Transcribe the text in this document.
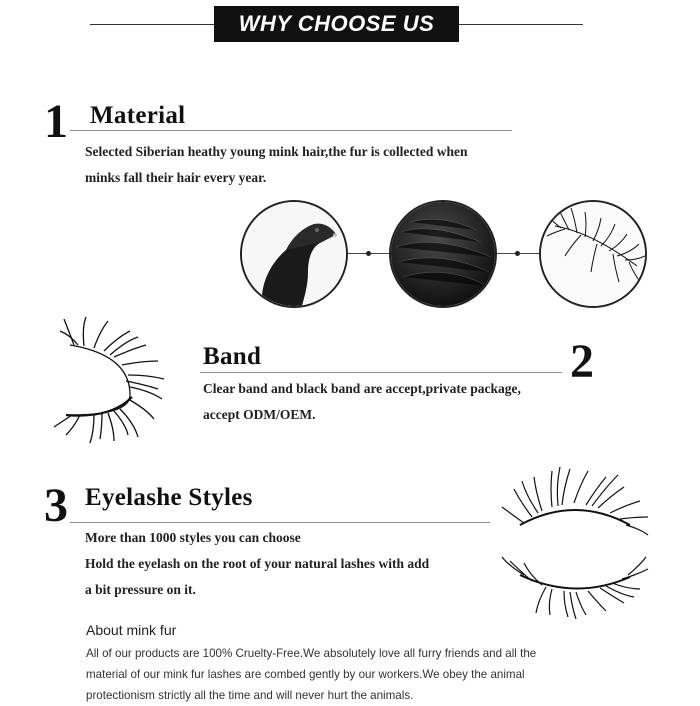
WHY CHOOSE US
1 Material
Selected Siberian heathy young mink hair,the fur is collected when
minks fall their hair every year.
Band	2
Clear band and black band are accept,private package,
accept ODM/OEM.
3 Eyelashe Styles
More than 1000 styles you can choose
Hold the eyelash on the root of your natural lashes with add
a bit pressure on it.
About mink fur
All of our products are 100% Cruelty-Free.We absolutely love all furry friends and all the
material of our mink fur lashes are combed gently by our workers.We obey the animal
protectionism strictly all the time and will never hurt the animals.
